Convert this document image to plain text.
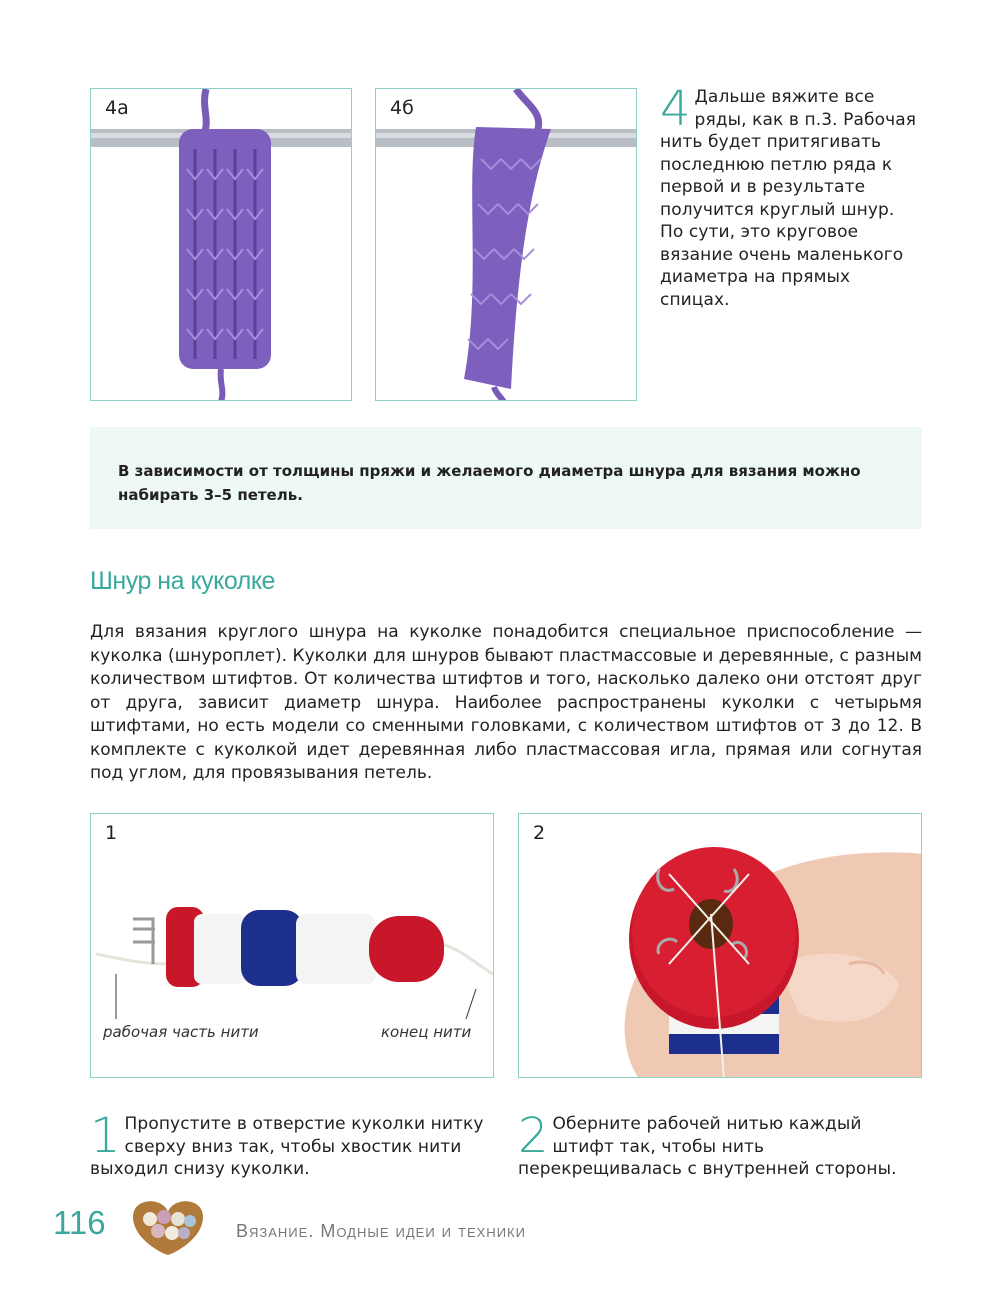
4а	4б	4 Дальше вяжите все ряды, как в п.3. Рабочая нить будет притягивать последнюю петлю ряда к первой и в результате получится круглый шнур. По сути, это круговое вязание очень маленького диаметра на прямых спицах.
В зависимости от толщины пряжи и желаемого диаметра шнура для вязания можно набирать 3–5 петель.
Шнур на куколке
Для вязания круглого шнура на куколке понадобится специальное приспособление — куколка (шнуроплет). Куколки для шнуров бывают пластмассовые и деревянные, с разным количеством штифтов. От количества штифтов и того, насколько далеко они отстоят друг от друга, зависит диаметр шнура. Наиболее распространены куколки с четырьмя штифтами, но есть модели со сменными головками, с количеством штифтов от 3 до 12. В комплекте с куколкой идет деревянная либо пластмассовая игла, прямая или согнутая под углом, для провязывания петель.
1
рабочая часть нити	конец нити
2
1 Пропустите в отверстие куколки нитку сверху вниз так, чтобы хвостик нити выходил снизу куколки.
2 Оберните рабочей нитью каждый штифт так, чтобы нить перекрещивалась с внутренней стороны.
116	Вязание. Модные идеи и техники
